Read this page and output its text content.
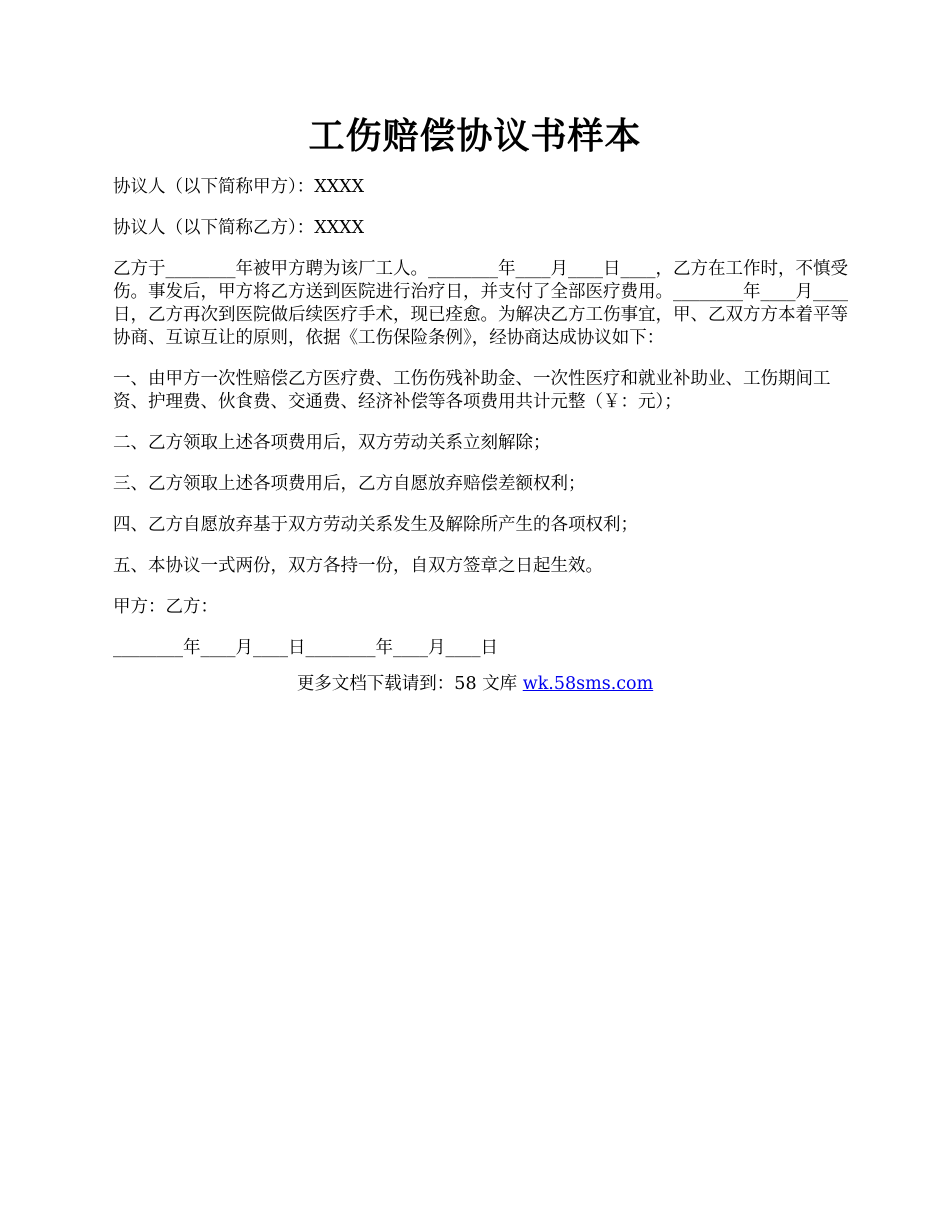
工伤赔偿协议书样本

协议人（以下简称甲方）：XXXX

协议人（以下简称乙方）：XXXX

乙方于________年被甲方聘为该厂工人。________年____月____日____，乙方在工作时，不慎受伤。事发后，甲方将乙方送到医院进行治疗日，并支付了全部医疗费用。________年____月____日，乙方再次到医院做后续医疗手术，现已痊愈。为解决乙方工伤事宜，甲、乙双方方本着平等协商、互谅互让的原则，依据《工伤保险条例》，经协商达成协议如下：

一、由甲方一次性赔偿乙方医疗费、工伤伤残补助金、一次性医疗和就业补助业、工伤期间工资、护理费、伙食费、交通费、经济补偿等各项费用共计元整（￥：元）；

二、乙方领取上述各项费用后，双方劳动关系立刻解除；

三、乙方领取上述各项费用后，乙方自愿放弃赔偿差额权利；

四、乙方自愿放弃基于双方劳动关系发生及解除所产生的各项权利；

五、本协议一式两份，双方各持一份，自双方签章之日起生效。

甲方：乙方：

________年____月____日________年____月____日

更多文档下载请到：58 文库 wk.58sms.com
